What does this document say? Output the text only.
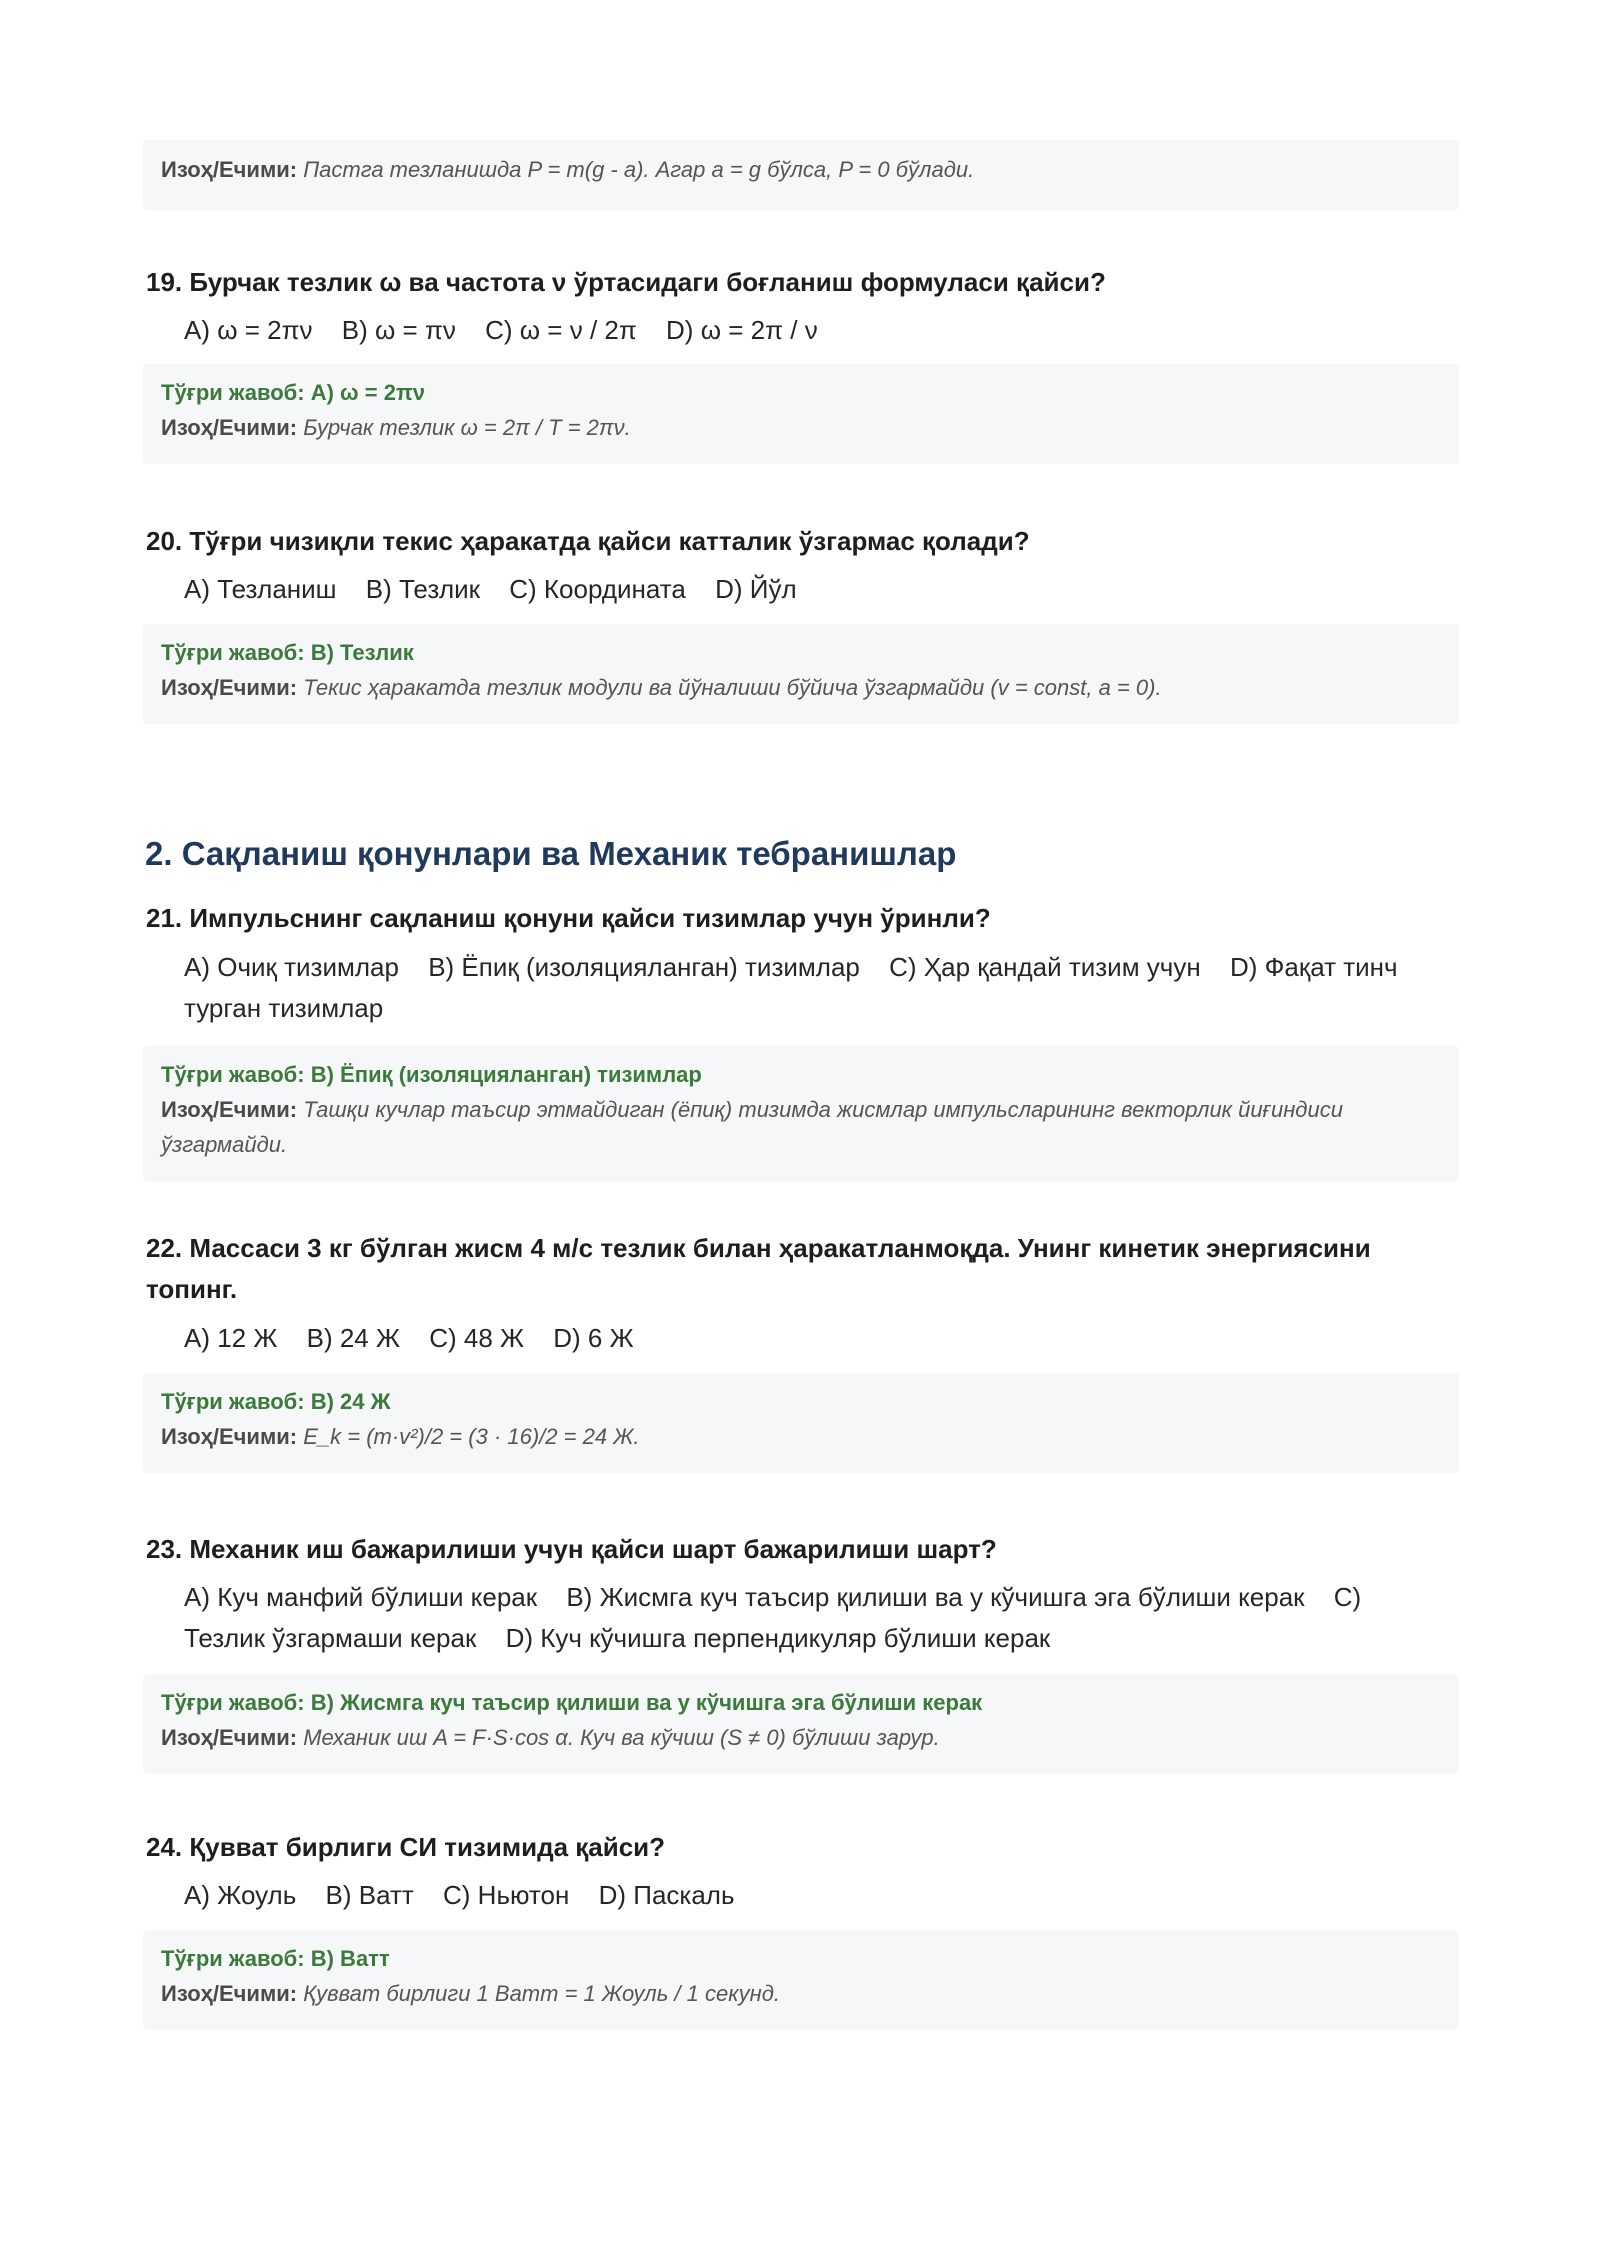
Изоҳ/Ечими: Пастга тезланишда P = m(g - a). Агар a = g бўлса, P = 0 бўлади.
19. Бурчак тезлик ω ва частота ν ўртасидаги боғланиш формуласи қайси?
A) ω = 2πν B) ω = πν C) ω = ν / 2π D) ω = 2π / ν
Тўғри жавоб: A) ω = 2πν
Изоҳ/Ечими: Бурчак тезлик ω = 2π / T = 2πν.
20. Тўғри чизиқли текис ҳаракатда қайси катталик ўзгармас қолади?
A) Тезланиш B) Тезлик C) Координата D) Йўл
Тўғри жавоб: B) Тезлик
Изоҳ/Ечими: Текис ҳаракатда тезлик модули ва йўналиши бўйича ўзгармайди (v = const, a = 0).
2. Сақланиш қонунлари ва Механик тебранишлар
21. Импульснинг сақланиш қонуни қайси тизимлар учун ўринли?
A) Очиқ тизимлар B) Ёпиқ (изоляцияланган) тизимлар C) Ҳар қандай тизим учун D) Фақат тинч турган тизимлар
Тўғри жавоб: B) Ёпиқ (изоляцияланган) тизимлар
Изоҳ/Ечими: Ташқи кучлар таъсир этмайдиган (ёпиқ) тизимда жисмлар импульсларининг векторлик йиғиндиси ўзгармайди.
22. Массаси 3 кг бўлган жисм 4 м/с тезлик билан ҳаракатланмоқда. Унинг кинетик энергиясини топинг.
A) 12 Ж B) 24 Ж C) 48 Ж D) 6 Ж
Тўғри жавоб: B) 24 Ж
Изоҳ/Ечими: E_k = (m·v²)/2 = (3 · 16)/2 = 24 Ж.
23. Механик иш бажарилиши учун қайси шарт бажарилиши шарт?
A) Куч манфий бўлиши керак B) Жисмга куч таъсир қилиши ва у кўчишга эга бўлиши керак C) Тезлик ўзгармаши керак D) Куч кўчишга перпендикуляр бўлиши керак
Тўғри жавоб: B) Жисмга куч таъсир қилиши ва у кўчишга эга бўлиши керак
Изоҳ/Ечими: Механик иш A = F·S·cos α. Куч ва кўчиш (S ≠ 0) бўлиши зарур.
24. Қувват бирлиги СИ тизимида қайси?
A) Жоуль B) Ватт C) Ньютон D) Паскаль
Тўғри жавоб: B) Ватт
Изоҳ/Ечими: Қувват бирлиги 1 Ватт = 1 Жоуль / 1 секунд.
